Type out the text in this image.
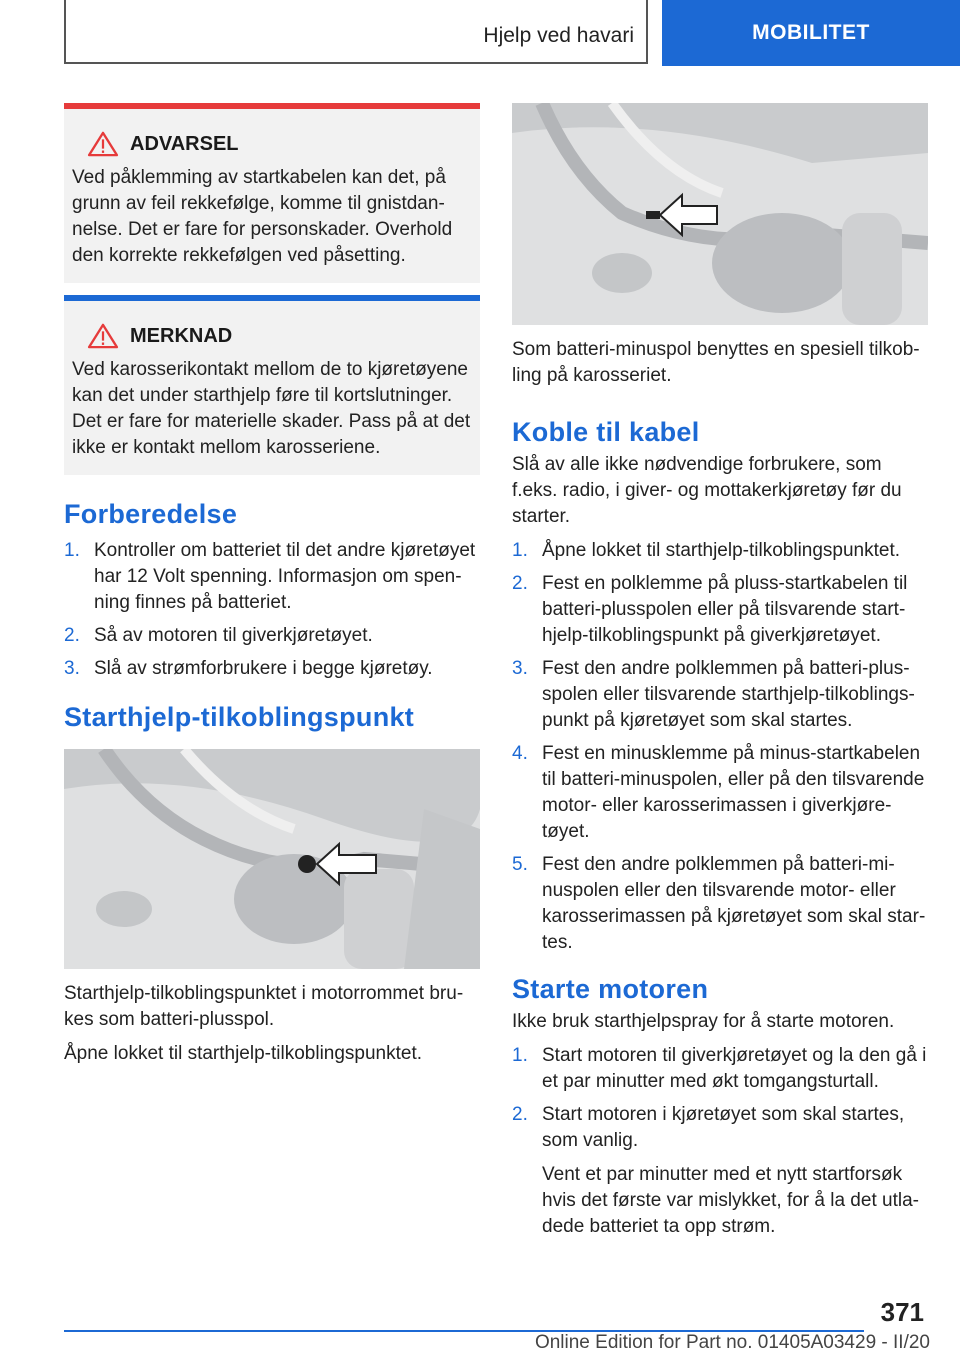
Hjelp ved havari	MOBILITET
ADVARSEL
Ved påklemming av startkabelen kan det, på grunn av feil rekkefølge, komme til gnistdan-nelse. Det er fare for personskader. Overhold den korrekte rekkefølgen ved påsetting.
MERKNAD
Ved karosserikontakt mellom de to kjøretøyene kan det under starthjelp føre til kortslutninger. Det er fare for materielle skader. Pass på at det ikke er kontakt mellom karosseriene.
Forberedelse
1. Kontroller om batteriet til det andre kjøretøyet har 12 Volt spenning. Informasjon om spen-ning finnes på batteriet.
2. Så av motoren til giverkjøretøyet.
3. Slå av strømforbrukere i begge kjøretøy.
Starthjelp-tilkoblingspunkt

Starthjelp-tilkoblingspunktet i motorrommet bru-kes som batteri-plusspol.

Åpne lokket til starthjelp-tilkoblingspunktet.

Som batteri-minuspol benyttes en spesiell tilkob-ling på karosseriet.

Koble til kabel

Slå av alle ikke nødvendige forbrukere, som f.eks. radio, i giver- og mottakerkjøretøy før du starter.

1. Åpne lokket til starthjelp-tilkoblingspunktet.
2. Fest en polklemme på pluss-startkabelen til batteri-plusspolen eller på tilsvarende start-hjelp-tilkoblingspunkt på giverkjøretøyet.
3. Fest den andre polklemmen på batteri-plus-spolen eller tilsvarende starthjelp-tilkoblings-punkt på kjøretøyet som skal startes.
4. Fest en minusklemme på minus-startkabelen til batteri-minuspolen, eller på den tilsvarende motor- eller karosserimassen i giverkjøre-tøyet.
5. Fest den andre polklemmen på batteri-mi-nuspolen eller den tilsvarende motor- eller karosserimassen på kjøretøyet som skal star-tes.
Starte motoren

Ikke bruk starthjelpspray for å starte motoren.

1. Start motoren til giverkjøretøyet og la den gå i et par minutter med økt tomgangsturtall.
2. Start motoren i kjøretøyet som skal startes, som vanlig.
Vent et par minutter med et nytt startforsøk hvis det første var mislykket, for å la det utla-dede batteriet ta opp strøm.
371
Online Edition for Part no. 01405A03429 - II/20
